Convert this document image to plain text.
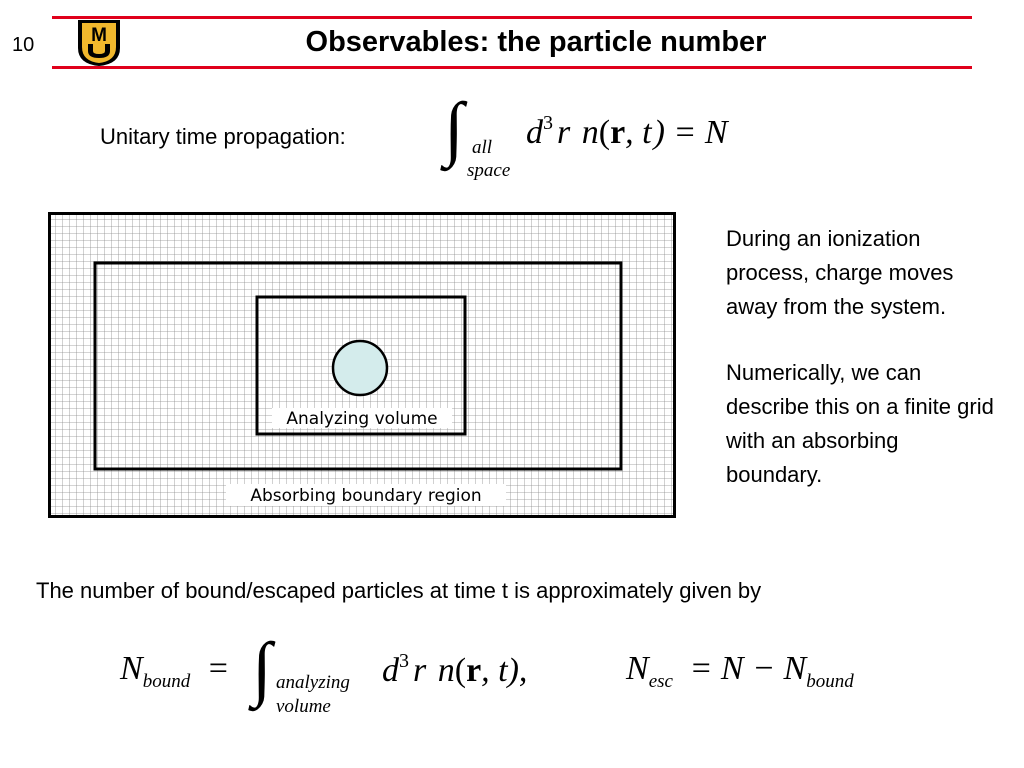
10	M	Observables: the particle number
Unitary time propagation: ∫ all
space
$d^3$ r n(r, t) = N
Analyzing volume
Absorbing boundary region

During an ionization process, charge moves away from the system.

Numerically, we can describe this on a finite grid with an absorbing boundary.

The number of bound/escaped particles at time t is approximately given by
$N_{bound}$ = ∫ analyzing
volume
$d^3$ r n(r, t),	$N_{esc} = N - N_{bound}$
